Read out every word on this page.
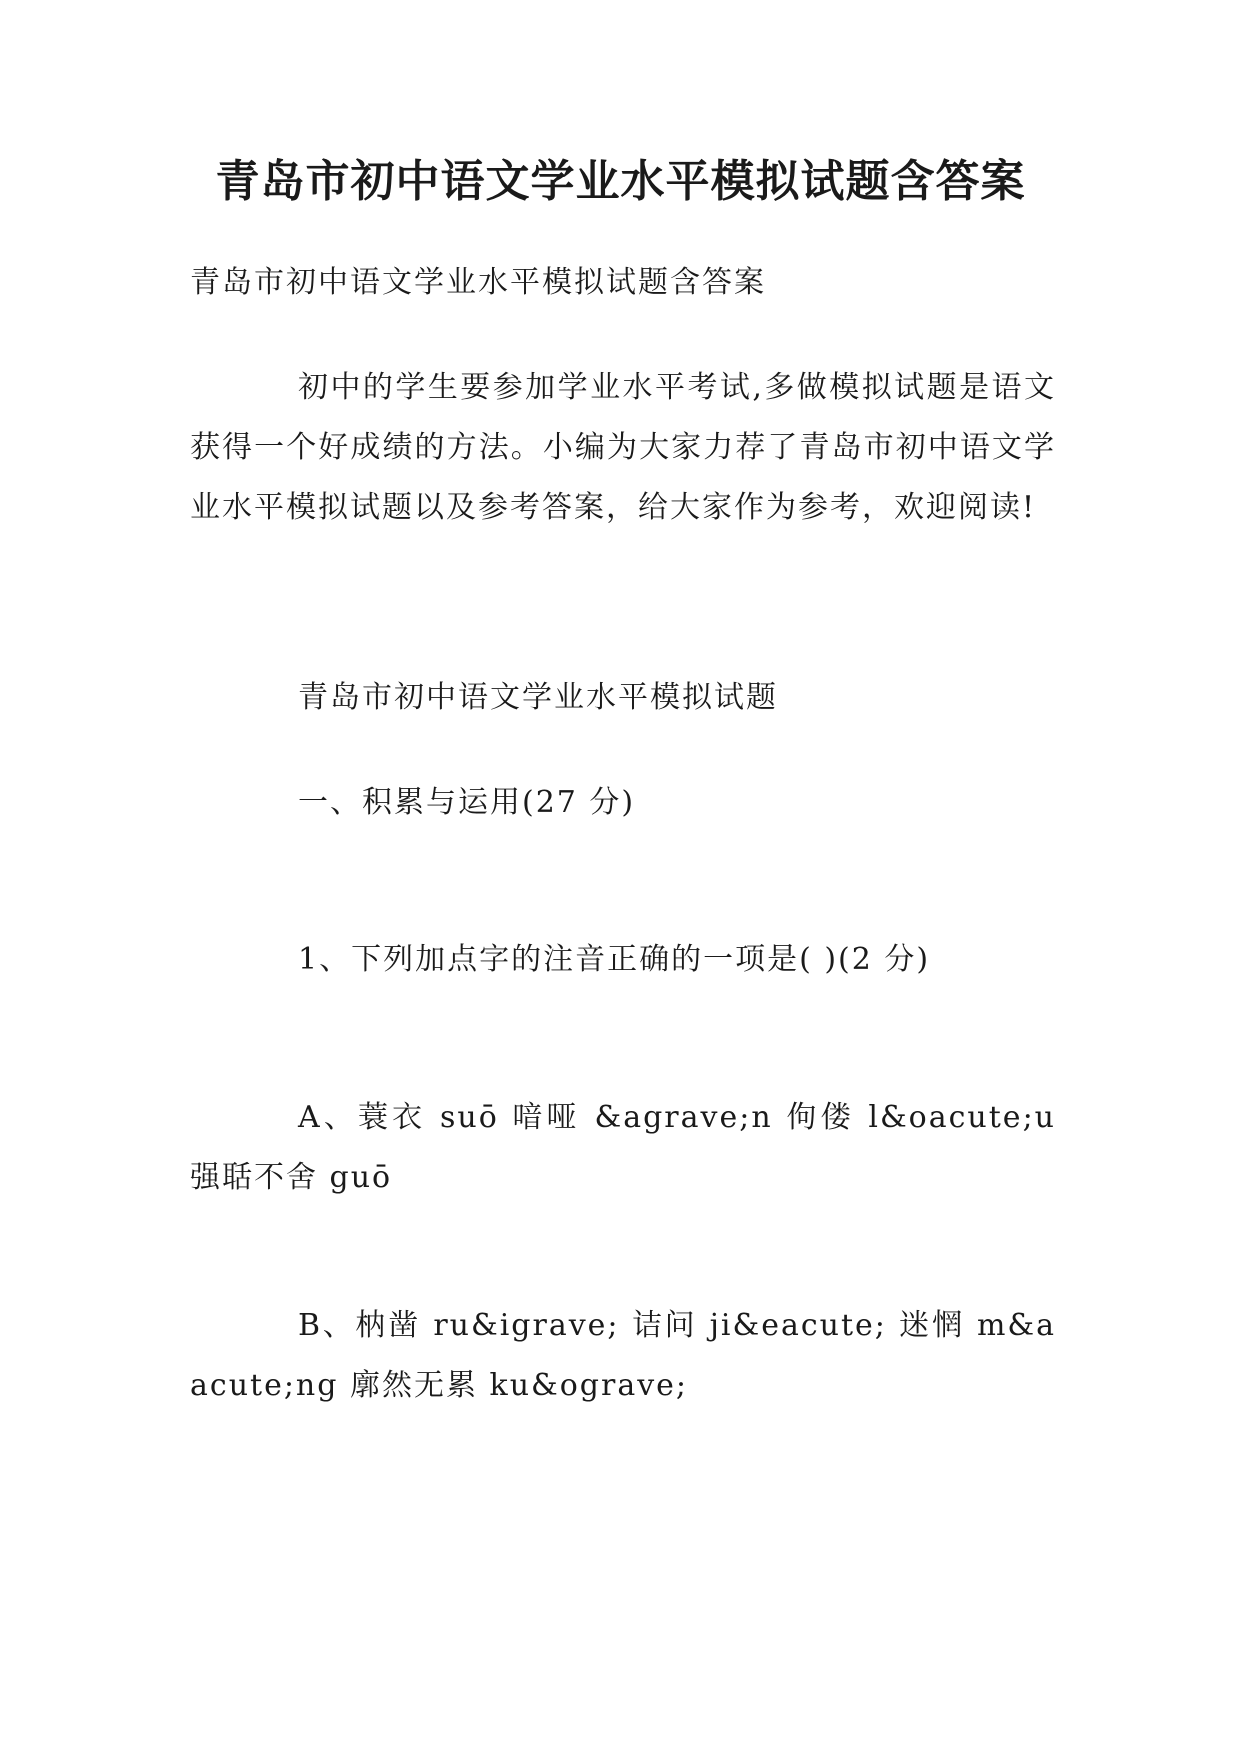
青岛市初中语文学业水平模拟试题含答案

青岛市初中语文学业水平模拟试题含答案

初中的学生要参加学业水平考试,多做模拟试题是语文获得一个好成绩的方法。小编为大家力荐了青岛市初中语文学业水平模拟试题以及参考答案，给大家作为参考，欢迎阅读!

青岛市初中语文学业水平模拟试题

一、积累与运用(27 分)

1、下列加点字的注音正确的一项是( )(2 分)

A、蓑衣 suō 喑哑 &agrave;n 佝偻 l&oacute;u 强聒不舍 guō

B、枘凿 ru&igrave; 诘问 ji&eacute; 迷惘 m&aacute;ng 廓然无累 ku&ograve;
